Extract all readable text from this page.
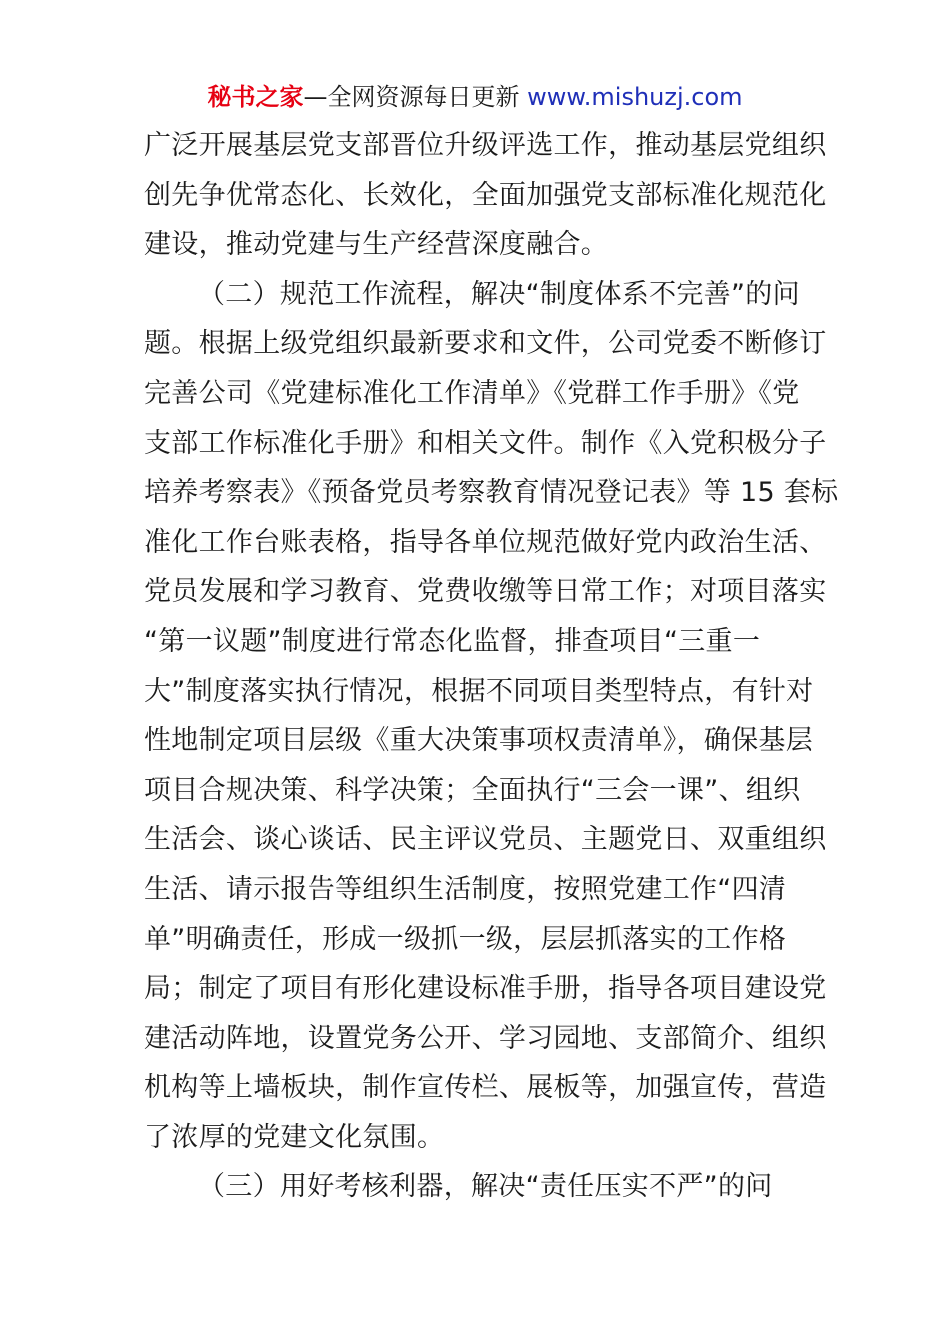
秘书之家—全网资源每日更新 www.mishuzj.com
广泛开展基层党支部晋位升级评选工作，推动基层党组织
创先争优常态化、长效化，全面加强党支部标准化规范化
建设，推动党建与生产经营深度融合。
（二）规范工作流程，解决“制度体系不完善”的问
题。根据上级党组织最新要求和文件，公司党委不断修订
完善公司《党建标准化工作清单》《党群工作手册》《党
支部工作标准化手册》和相关文件。制作《入党积极分子
培养考察表》《预备党员考察教育情况登记表》等 15 套标
准化工作台账表格，指导各单位规范做好党内政治生活、
党员发展和学习教育、党费收缴等日常工作；对项目落实
“第一议题”制度进行常态化监督，排查项目“三重一
大”制度落实执行情况，根据不同项目类型特点，有针对
性地制定项目层级《重大决策事项权责清单》，确保基层
项目合规决策、科学决策；全面执行“三会一课”、组织
生活会、谈心谈话、民主评议党员、主题党日、双重组织
生活、请示报告等组织生活制度，按照党建工作“四清
单”明确责任，形成一级抓一级，层层抓落实的工作格
局；制定了项目有形化建设标准手册，指导各项目建设党
建活动阵地，设置党务公开、学习园地、支部简介、组织
机构等上墙板块，制作宣传栏、展板等，加强宣传，营造
了浓厚的党建文化氛围。
（三）用好考核利器，解决“责任压实不严”的问
